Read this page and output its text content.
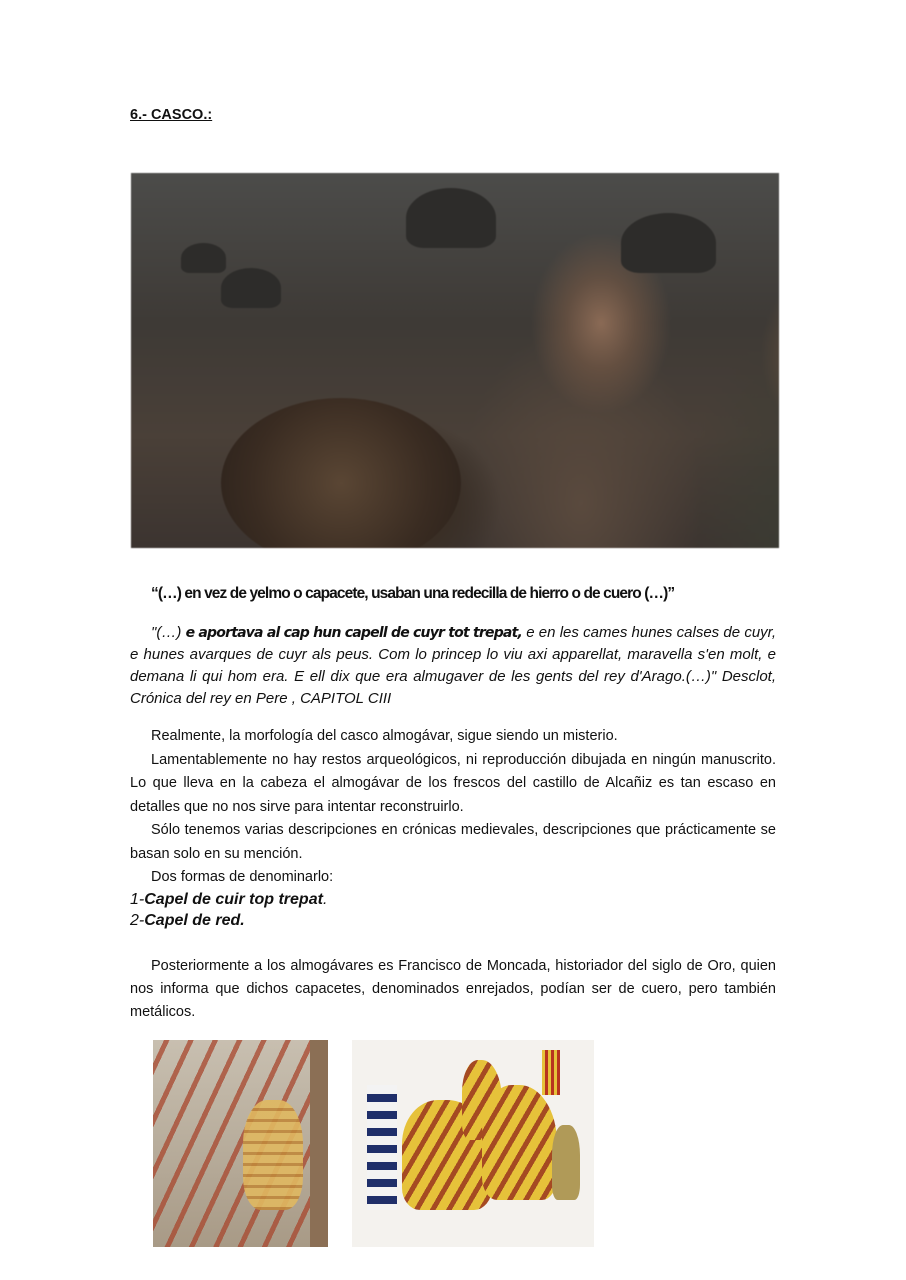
6.- CASCO.:
“(…) en vez de yelmo o capacete, usaban una redecilla de hierro o de cuero (…)”

"(…) e aportava al cap hun capell de cuyr tot trepat, e en les cames hunes calses de cuyr, e hunes avarques de cuyr als peus. Com lo princep lo viu axi apparellat, maravella s'en molt, e demana li qui hom era. E ell dix que era almugaver de les gents del rey d'Arago.(…)" Desclot, Crónica del rey en Pere , CAPITOL CIII

Realmente, la morfología del casco almogávar, sigue siendo un misterio.

Lamentablemente no hay restos arqueológicos, ni reproducción dibujada en ningún manuscrito. Lo que lleva en la cabeza el almogávar de los frescos del castillo de Alcañiz es tan escaso en detalles que no nos sirve para intentar reconstruirlo.

Sólo tenemos varias descripciones en crónicas medievales, descripciones que prácticamente se basan solo en su mención.

Dos formas de denominarlo:

1-Capel de cuir top trepat.
2-Capel de red.

Posteriormente a los almogávares es Francisco de Moncada, historiador del siglo de Oro, quien nos informa que dichos capacetes, denominados enrejados, podían ser de cuero, pero también metálicos.
